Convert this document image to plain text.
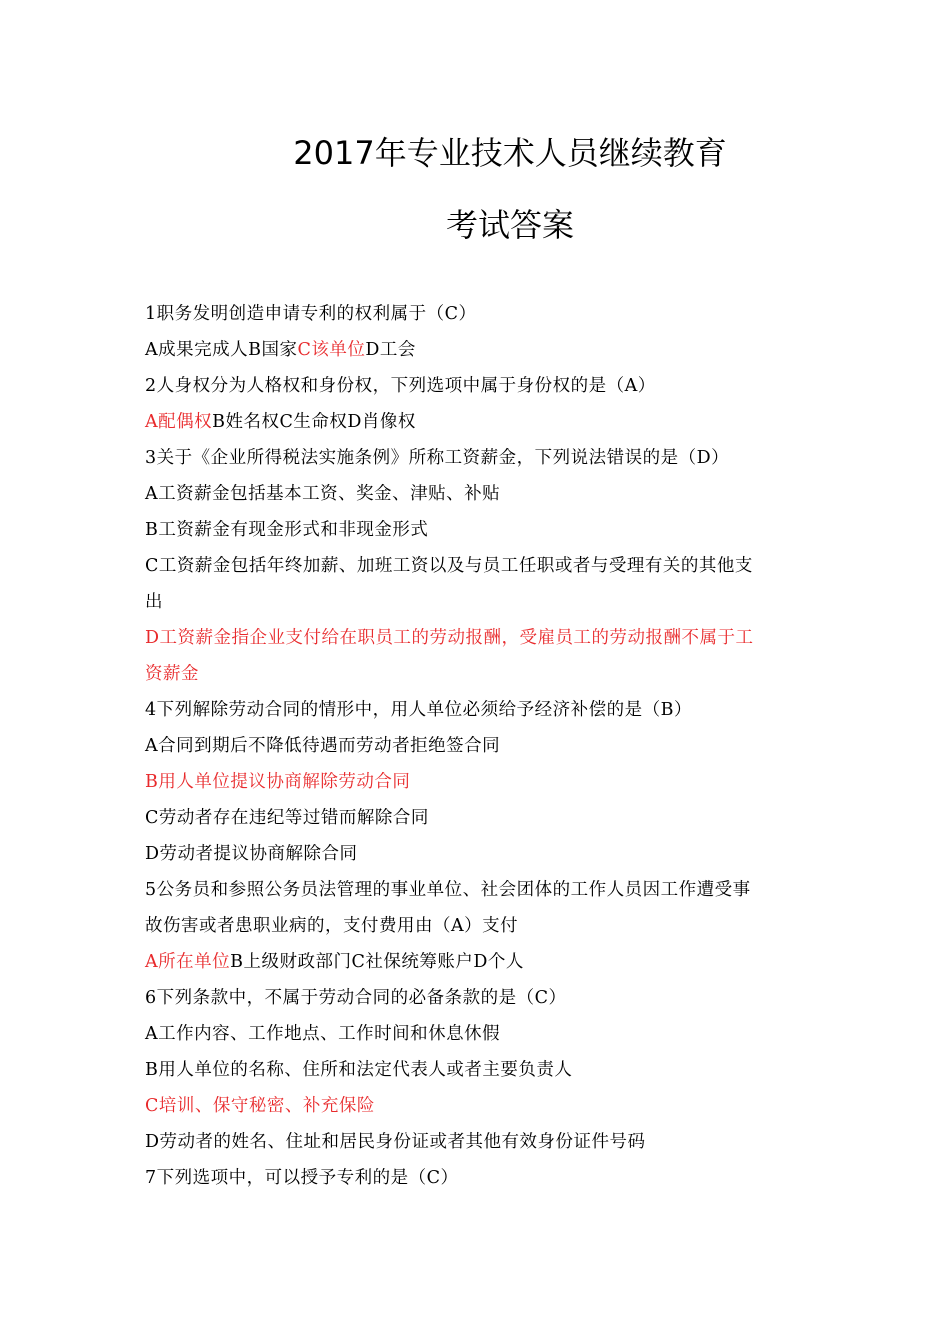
2017年专业技术人员继续教育
考试答案
1职务发明创造申请专利的权利属于（C）
A成果完成人B国家C该单位D工会
2人身权分为人格权和身份权，下列选项中属于身份权的是（A）
A配偶权B姓名权C生命权D肖像权
3关于《企业所得税法实施条例》所称工资薪金，下列说法错误的是（D）
A工资薪金包括基本工资、奖金、津贴、补贴
B工资薪金有现金形式和非现金形式
C工资薪金包括年终加薪、加班工资以及与员工任职或者与受理有关的其他支
出
D工资薪金指企业支付给在职员工的劳动报酬，受雇员工的劳动报酬不属于工
资薪金
4下列解除劳动合同的情形中，用人单位必须给予经济补偿的是（B）
A合同到期后不降低待遇而劳动者拒绝签合同
B用人单位提议协商解除劳动合同
C劳动者存在违纪等过错而解除合同
D劳动者提议协商解除合同
5公务员和参照公务员法管理的事业单位、社会团体的工作人员因工作遭受事
故伤害或者患职业病的，支付费用由（A）支付
A所在单位B上级财政部门C社保统筹账户D个人
6下列条款中，不属于劳动合同的必备条款的是（C）
A工作内容、工作地点、工作时间和休息休假
B用人单位的名称、住所和法定代表人或者主要负责人
C培训、保守秘密、补充保险
D劳动者的姓名、住址和居民身份证或者其他有效身份证件号码
7下列选项中，可以授予专利的是（C）
